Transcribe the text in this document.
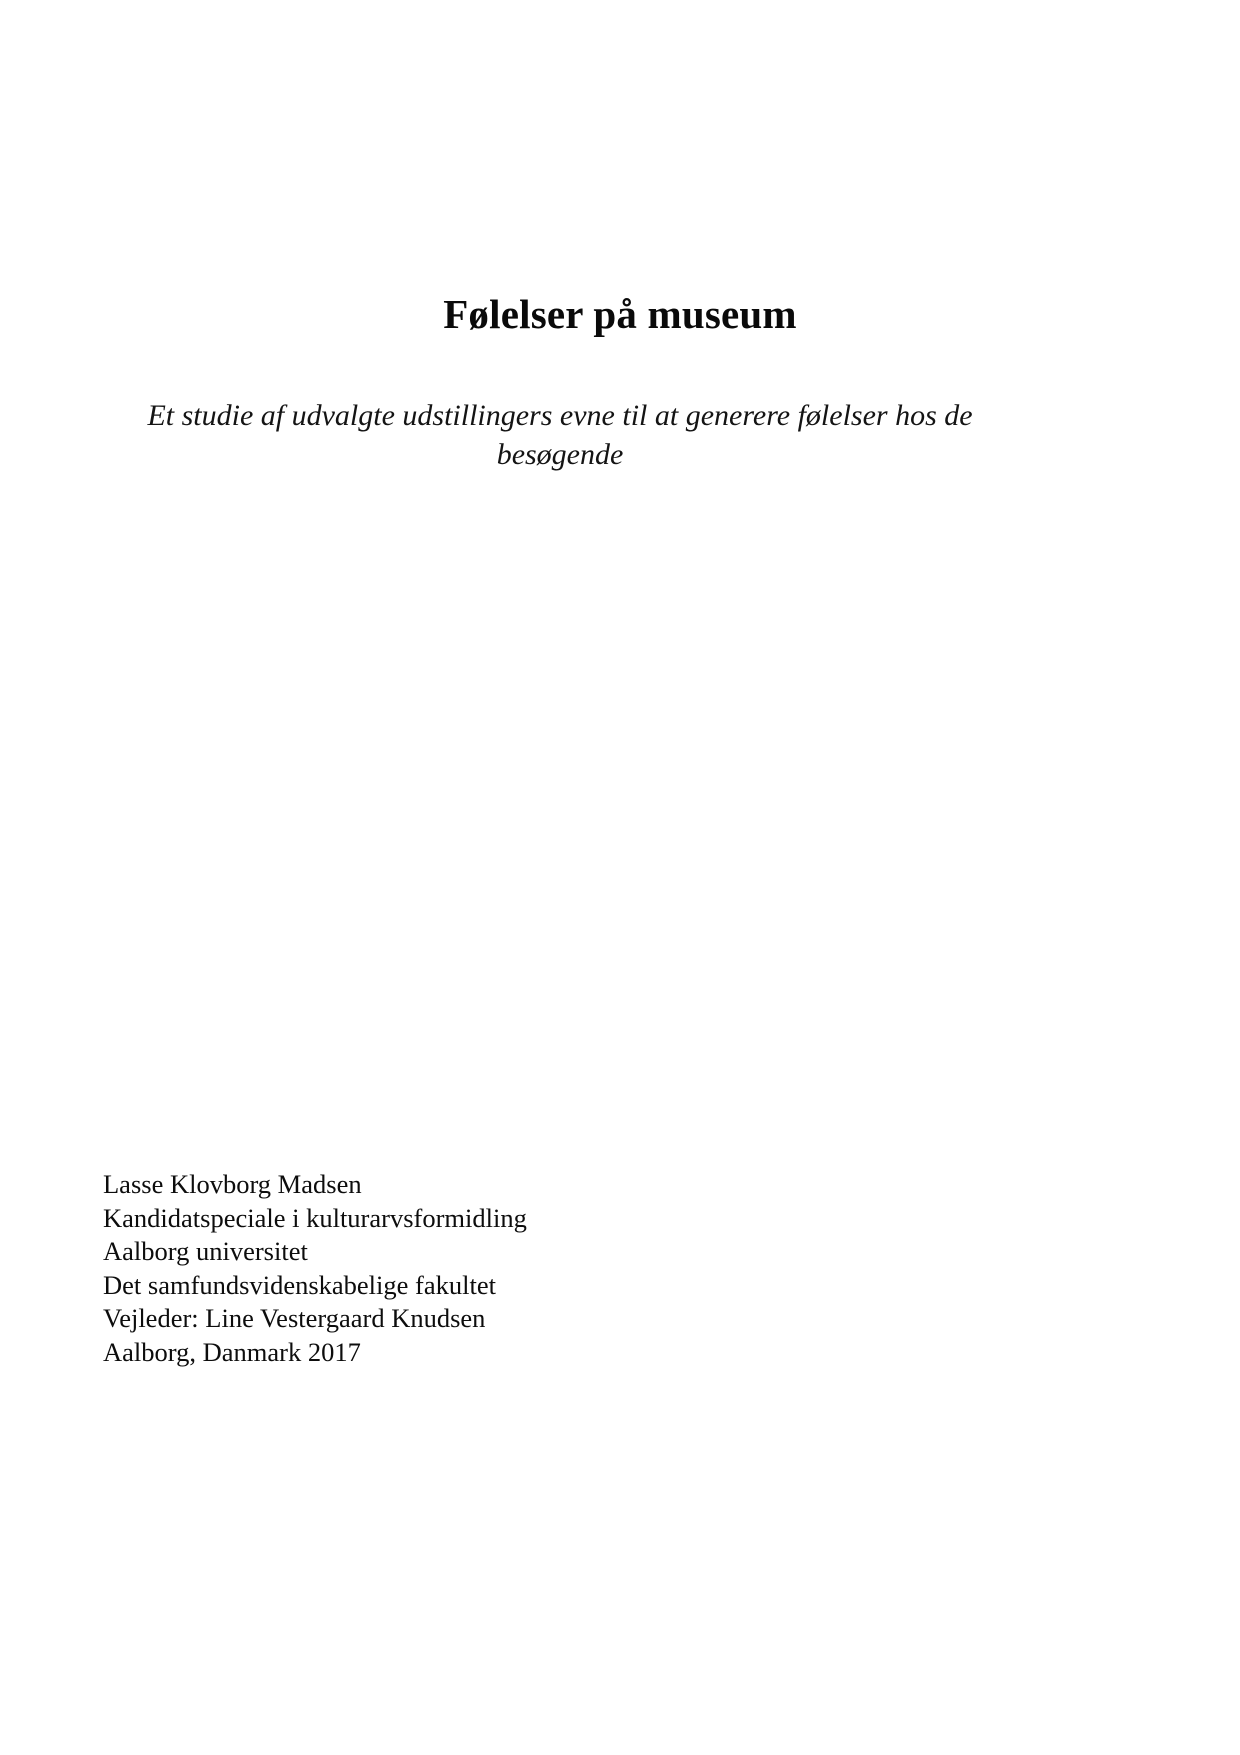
Følelser på museum

Et studie af udvalgte udstillingers evne til at generere følelser hos de besøgende

Lasse Klovborg Madsen
Kandidatspeciale i kulturarvsformidling
Aalborg universitet
Det samfundsvidenskabelige fakultet
Vejleder: Line Vestergaard Knudsen
Aalborg, Danmark 2017
